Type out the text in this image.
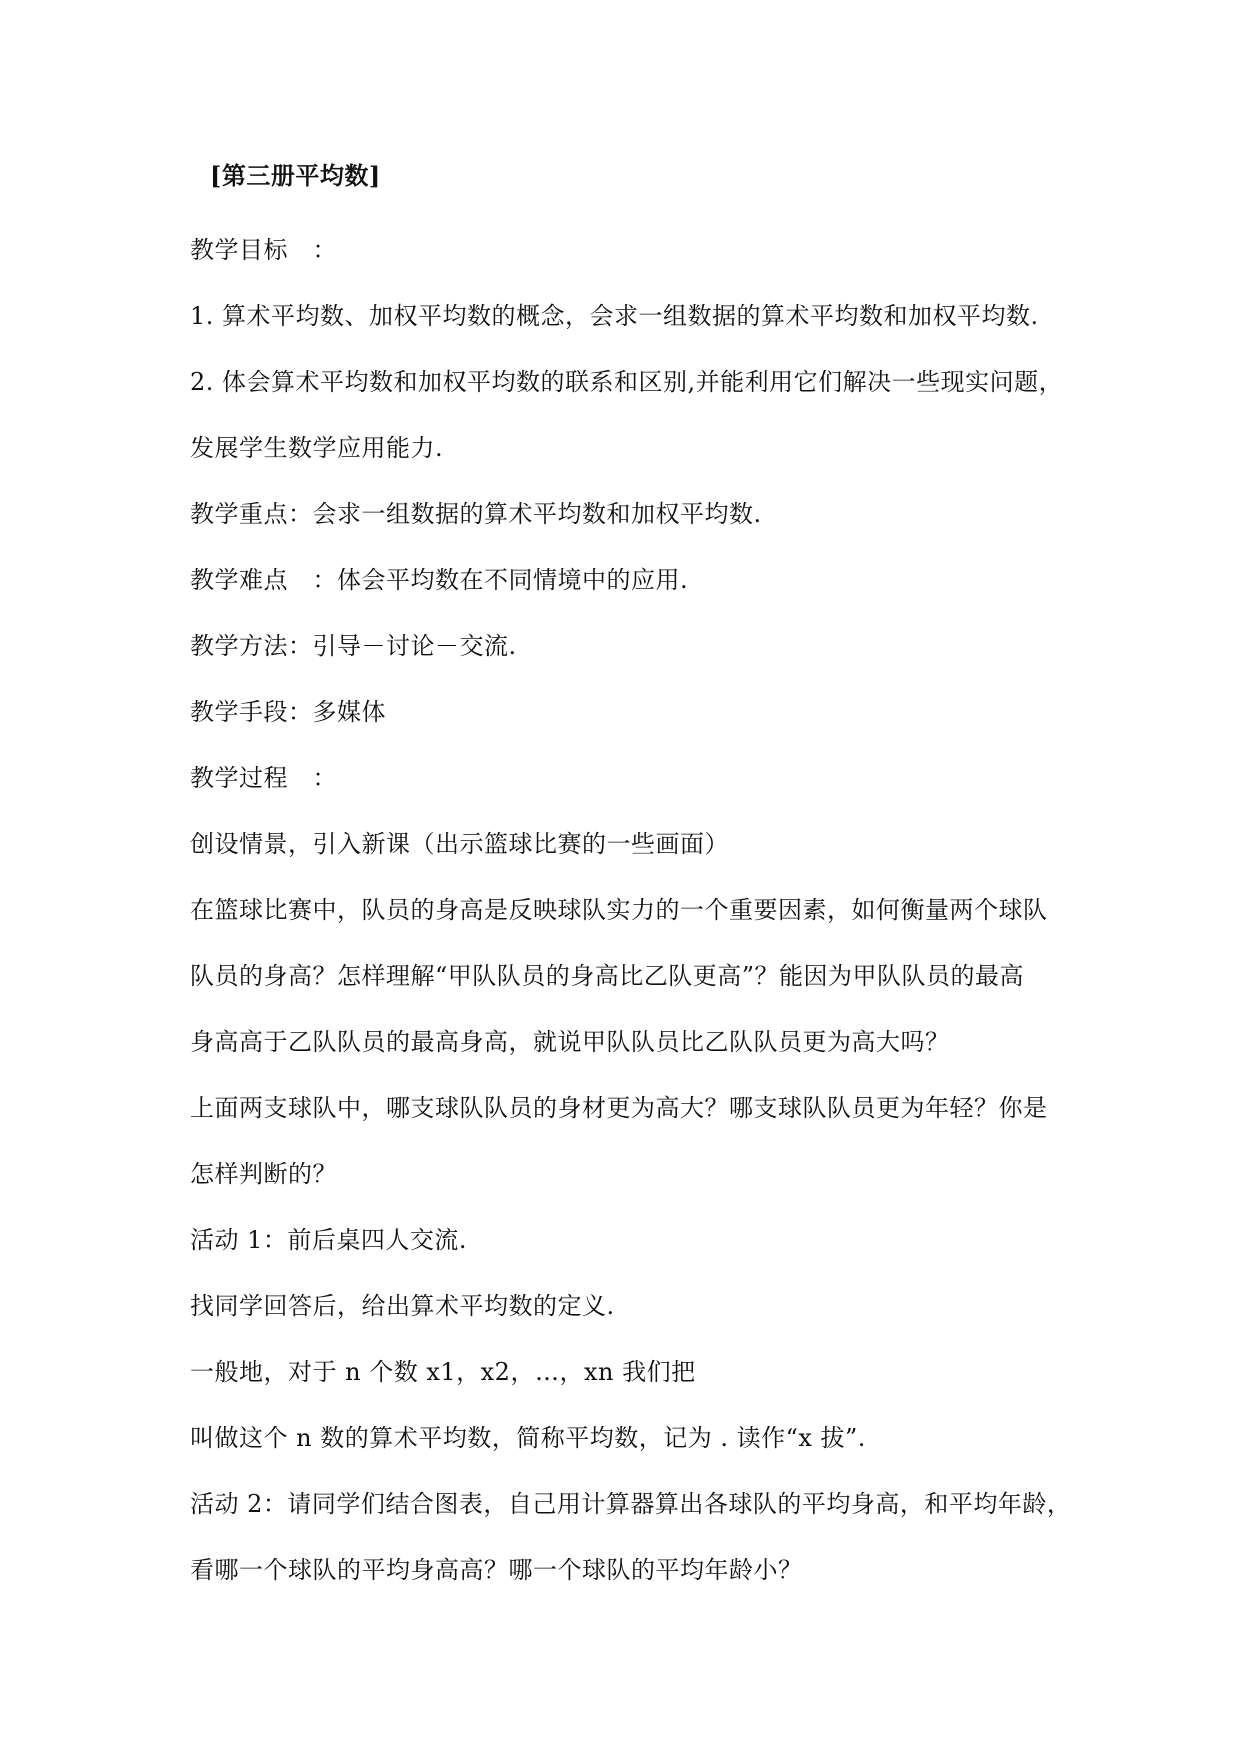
[第三册平均数]
教学目标　：
1. 算术平均数、加权平均数的概念，会求一组数据的算术平均数和加权平均数.
2. 体会算术平均数和加权平均数的联系和区别,并能利用它们解决一些现实问题，
发展学生数学应用能力.
教学重点：会求一组数据的算术平均数和加权平均数.
教学难点　：体会平均数在不同情境中的应用.
教学方法：引导－讨论－交流.
教学手段：多媒体
教学过程　：
创设情景，引入新课（出示篮球比赛的一些画面）
在篮球比赛中，队员的身高是反映球队实力的一个重要因素，如何衡量两个球队
队员的身高？怎样理解“甲队队员的身高比乙队更高”？能因为甲队队员的最高
身高高于乙队队员的最高身高，就说甲队队员比乙队队员更为高大吗？
上面两支球队中，哪支球队队员的身材更为高大？哪支球队队员更为年轻？你是
怎样判断的？
活动 1：前后桌四人交流.
找同学回答后，给出算术平均数的定义.
一般地，对于 n 个数 x1，x2，…，xn 我们把
叫做这个 n 数的算术平均数，简称平均数，记为 . 读作“x 拔”.
活动 2：请同学们结合图表，自己用计算器算出各球队的平均身高，和平均年龄，
看哪一个球队的平均身高高？哪一个球队的平均年龄小？
